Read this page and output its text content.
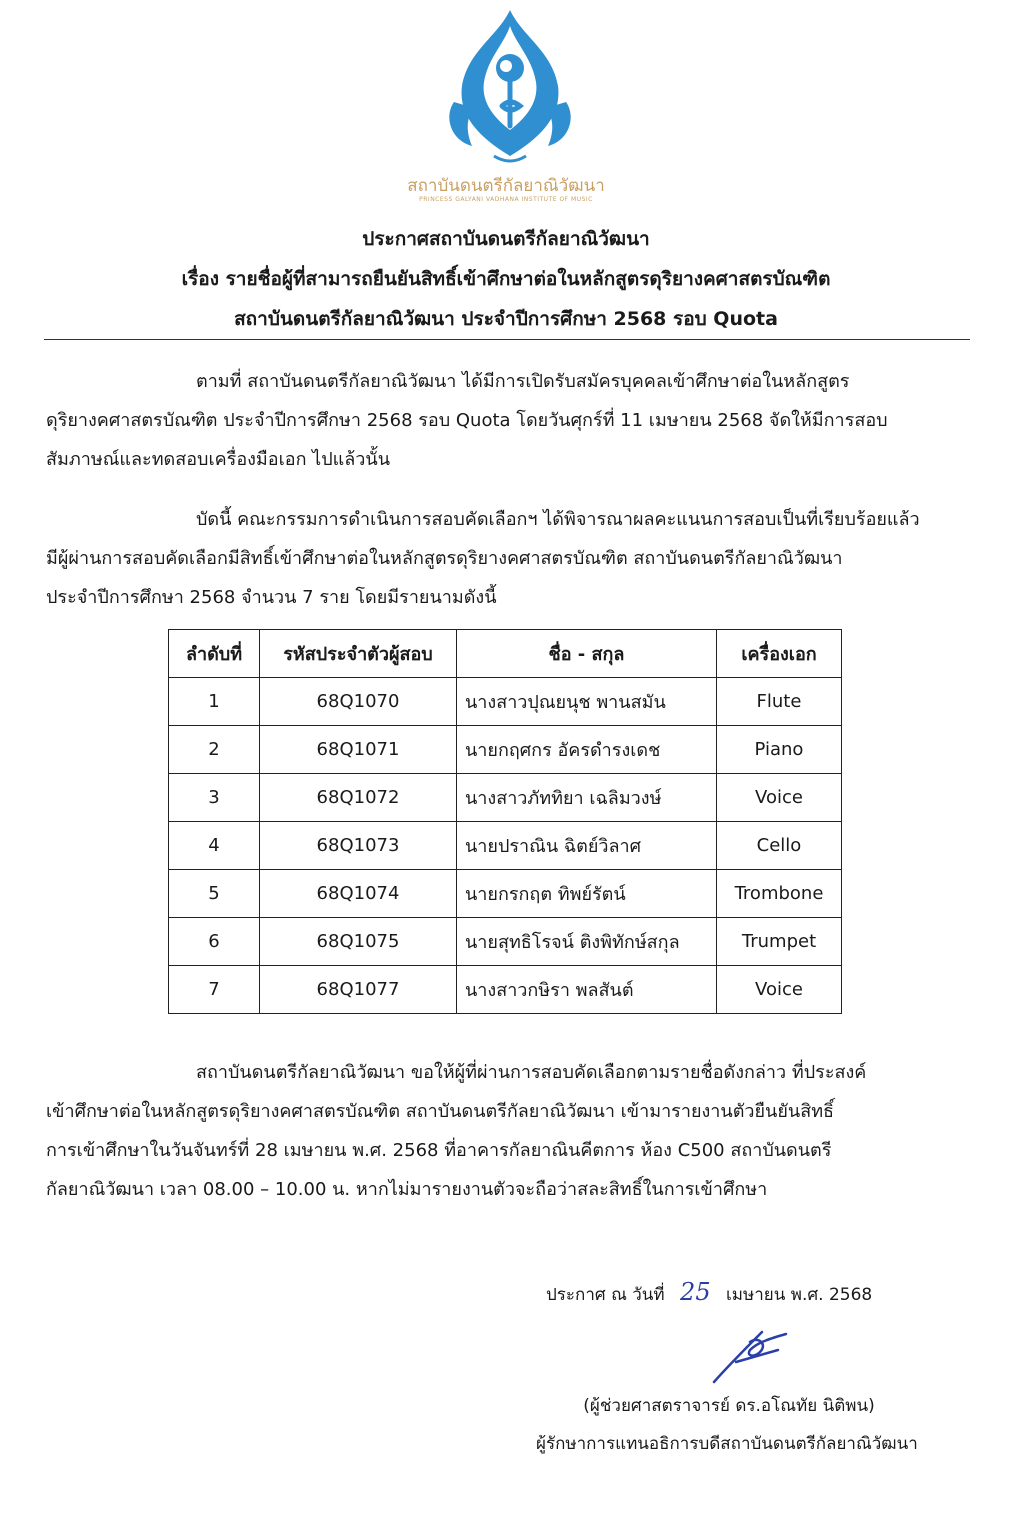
สถาบันดนตรีกัลยาณิวัฒนา
PRINCESS GALYANI VADHANA INSTITUTE OF MUSIC
ประกาศสถาบันดนตรีกัลยาณิวัฒนา
เรื่อง รายชื่อผู้ที่สามารถยืนยันสิทธิ์เข้าศึกษาต่อในหลักสูตรดุริยางคศาสตรบัณฑิต
สถาบันดนตรีกัลยาณิวัฒนา ประจำปีการศึกษา 2568 รอบ Quota
ตามที่ สถาบันดนตรีกัลยาณิวัฒนา ได้มีการเปิดรับสมัครบุคคลเข้าศึกษาต่อในหลักสูตร
ดุริยางคศาสตรบัณฑิต ประจำปีการศึกษา 2568 รอบ Quota โดยวันศุกร์ที่ 11 เมษายน 2568 จัดให้มีการสอบ
สัมภาษณ์และทดสอบเครื่องมือเอก ไปแล้วนั้น
บัดนี้ คณะกรรมการดำเนินการสอบคัดเลือกฯ ได้พิจารณาผลคะแนนการสอบเป็นที่เรียบร้อยแล้ว
มีผู้ผ่านการสอบคัดเลือกมีสิทธิ์เข้าศึกษาต่อในหลักสูตรดุริยางคศาสตรบัณฑิต สถาบันดนตรีกัลยาณิวัฒนา
ประจำปีการศึกษา 2568 จำนวน 7 ราย โดยมีรายนามดังนี้
ลำดับที่	รหัสประจำตัวผู้สอบ	ชื่อ - สกุล	เครื่องเอก
1	68Q1070	นางสาวปุณยนุช พานสมัน	Flute
2	68Q1071	นายกฤศกร อัครดำรงเดช	Piano
3	68Q1072	นางสาวภัททิยา เฉลิมวงษ์	Voice
4	68Q1073	นายปราณิน ฉิตย์วิลาศ	Cello
5	68Q1074	นายกรกฤต ทิพย์รัตน์	Trombone
6	68Q1075	นายสุทธิโรจน์ ติงพิทักษ์สกุล	Trumpet
7	68Q1077	นางสาวกษิรา พลสันต์	Voice
สถาบันดนตรีกัลยาณิวัฒนา ขอให้ผู้ที่ผ่านการสอบคัดเลือกตามรายชื่อดังกล่าว ที่ประสงค์
เข้าศึกษาต่อในหลักสูตรดุริยางคศาสตรบัณฑิต สถาบันดนตรีกัลยาณิวัฒนา เข้ามารายงานตัวยืนยันสิทธิ์
การเข้าศึกษาในวันจันทร์ที่ 28 เมษายน พ.ศ. 2568 ที่อาคารกัลยาณินคีตการ ห้อง C500 สถาบันดนตรี
กัลยาณิวัฒนา เวลา 08.00 – 10.00 น. หากไม่มารายงานตัวจะถือว่าสละสิทธิ์ในการเข้าศึกษา
ประกาศ ณ วันที่ 25 เมษายน พ.ศ. 2568
(ผู้ช่วยศาสตราจารย์ ดร.อโณทัย นิติพน)
ผู้รักษาการแทนอธิการบดีสถาบันดนตรีกัลยาณิวัฒนา
